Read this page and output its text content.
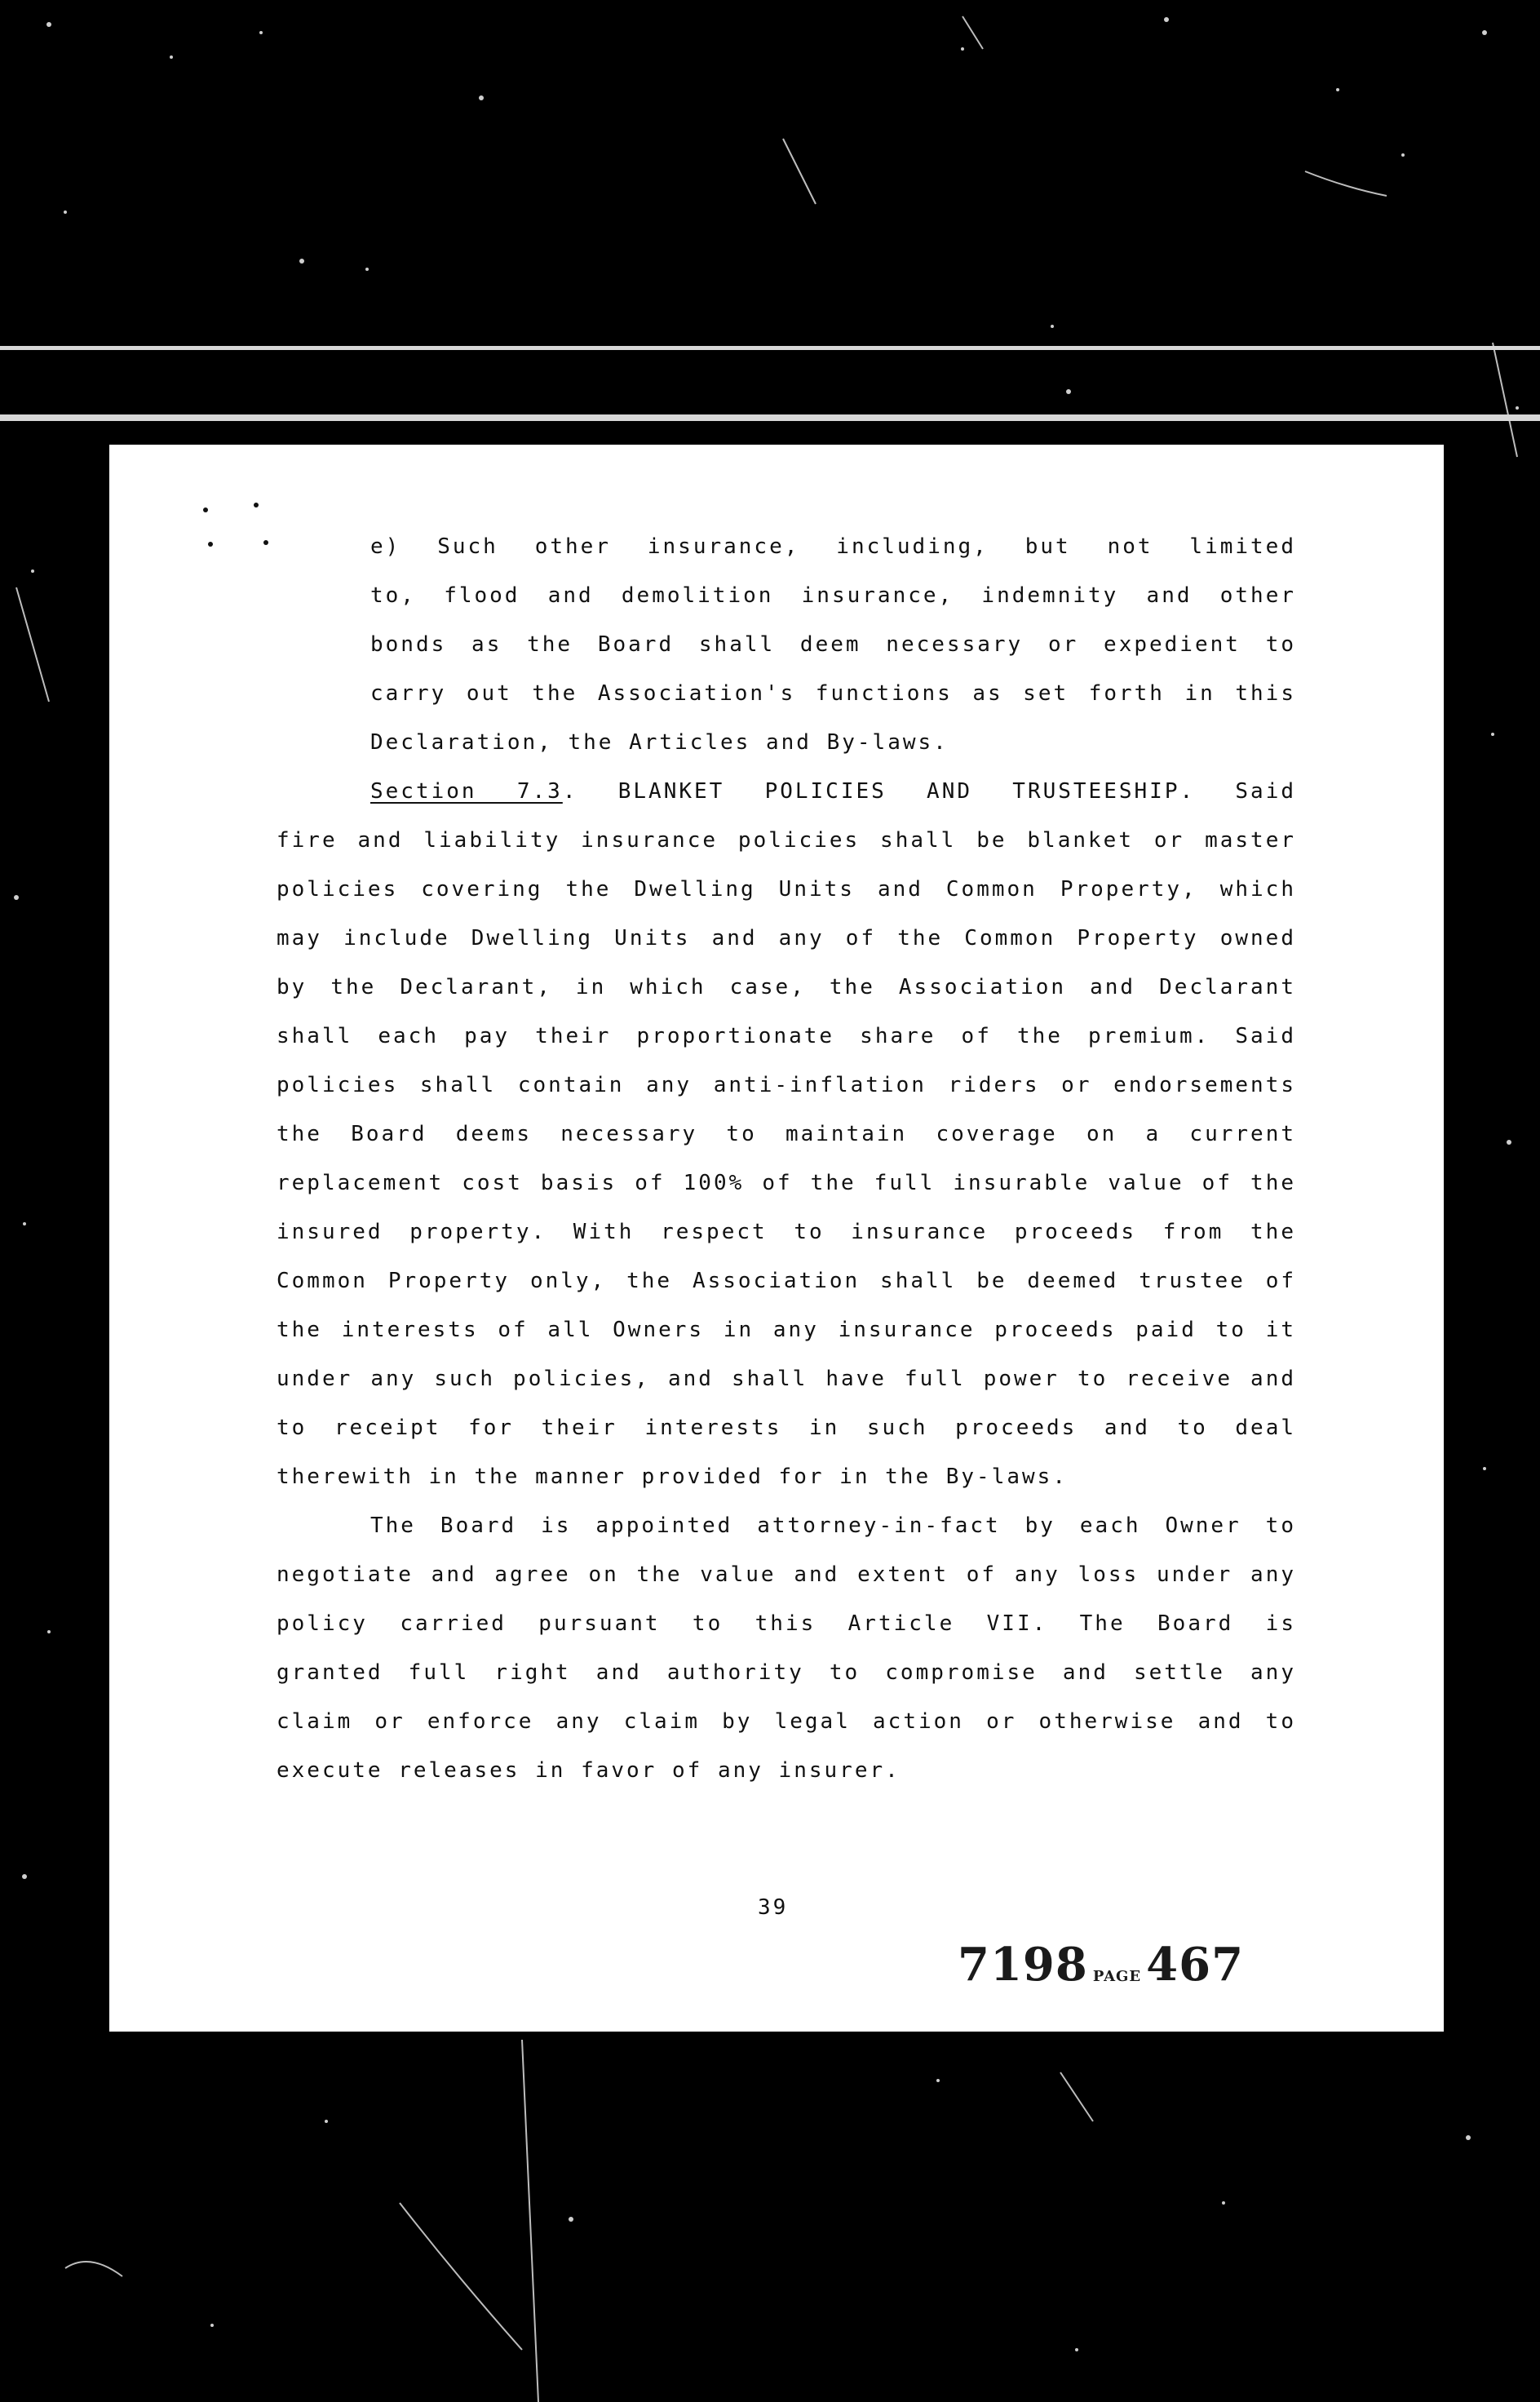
e) Such other insurance, including, but not limited
to, flood and demolition insurance, indemnity and other
bonds as the Board shall deem necessary or expedient to
carry out the Association's functions as set forth in this
Declaration, the Articles and By-laws.
Section 7.3. BLANKET POLICIES AND TRUSTEESHIP. Said
fire and liability insurance policies shall be blanket or master
policies covering the Dwelling Units and Common Property, which
may include Dwelling Units and any of the Common Property owned
by the Declarant, in which case, the Association and Declarant
shall each pay their proportionate share of the premium. Said
policies shall contain any anti-inflation riders or endorsements
the Board deems necessary to maintain coverage on a current
replacement cost basis of 100% of the full insurable value of the
insured property. With respect to insurance proceeds from the
Common Property only, the Association shall be deemed trustee of
the interests of all Owners in any insurance proceeds paid to it
under any such policies, and shall have full power to receive and
to receipt for their interests in such proceeds and to deal
therewith in the manner provided for in the By-laws.
The Board is appointed attorney-in-fact by each Owner to
negotiate and agree on the value and extent of any loss under any
policy carried pursuant to this Article VII. The Board is
granted full right and authority to compromise and settle any
claim or enforce any claim by legal action or otherwise and to
execute releases in favor of any insurer.
39
7198 PAGE 467
